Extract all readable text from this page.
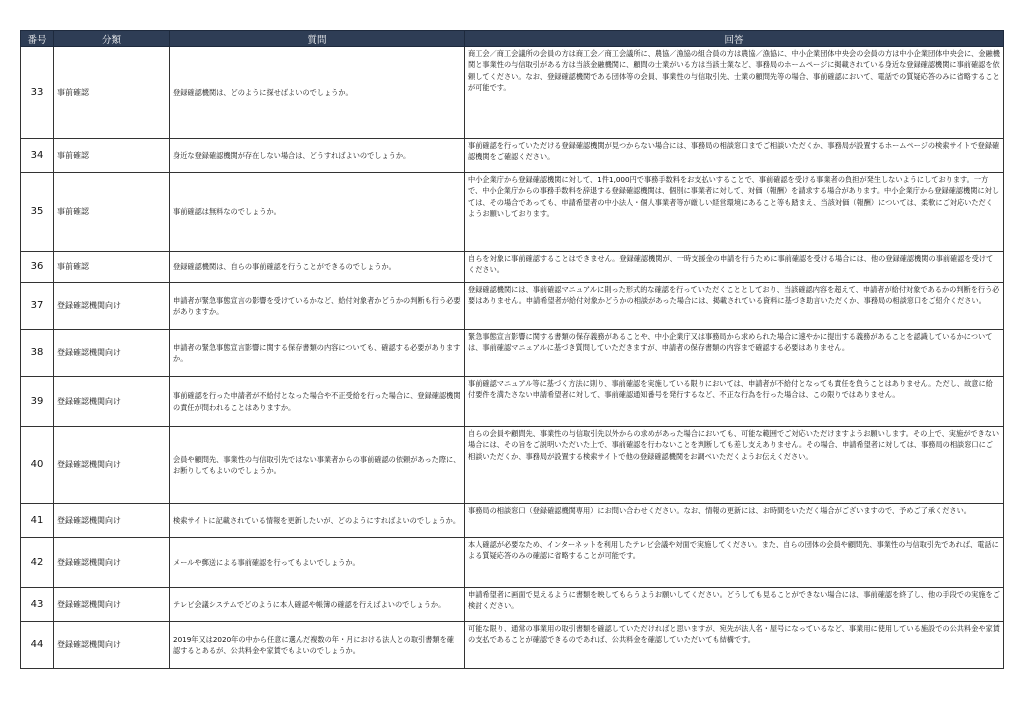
番号	分類	質問	回答
33	事前確認	登録確認機関は、どのように探せばよいのでしょうか。	商工会／商工会議所の会員の方は商工会／商工会議所に、農協／漁協の組合員の方は農協／漁協に、中小企業団体中央会の会員の方は中小企業団体中央会に、金融機関と事業性の与信取引がある方は当該金融機関に、顧問の士業がいる方は当該士業など、事務局のホームページに掲載されている身近な登録確認機関に事前確認を依頼してください。なお、登録確認機関である団体等の会員、事業性の与信取引先、士業の顧問先等の場合、事前確認において、電話での質疑応答のみに省略することが可能です。
34	事前確認	身近な登録確認機関が存在しない場合は、どうすればよいのでしょうか。	事前確認を行っていただける登録確認機関が見つからない場合には、事務局の相談窓口までご相談いただくか、事務局が設置するホームページの検索サイトで登録確認機関をご確認ください。
35	事前確認	事前確認は無料なのでしょうか。	中小企業庁から登録確認機関に対して、1件1,000円で事務手数料をお支払いすることで、事前確認を受ける事業者の負担が発生しないようにしております。一方で、中小企業庁からの事務手数料を辞退する登録確認機関は、個別に事業者に対して、対価（報酬）を請求する場合があります。中小企業庁から登録確認機関に対しては、その場合であっても、申請希望者の中小法人・個人事業者等が厳しい経営環境にあること等も踏まえ、当該対価（報酬）については、柔軟にご対応いただくようお願いしております。
36	事前確認	登録確認機関は、自らの事前確認を行うことができるのでしょうか。	自らを対象に事前確認することはできません。登録確認機関が、一時支援金の申請を行うために事前確認を受ける場合には、他の登録確認機関の事前確認を受けてください。
37	登録確認機関向け	申請者が緊急事態宣言の影響を受けているかなど、給付対象者かどうかの判断も行う必要がありますか。	登録確認機関には、事前確認マニュアルに則った形式的な確認を行っていただくこととしており、当該確認内容を超えて、申請者が給付対象であるかの判断を行う必要はありません。申請希望者が給付対象かどうかの相談があった場合には、掲載されている資料に基づき助言いただくか、事務局の相談窓口をご紹介ください。
38	登録確認機関向け	申請者の緊急事態宣言影響に関する保存書類の内容についても、確認する必要がありますか。	緊急事態宣言影響に関する書類の保存義務があることや、中小企業庁又は事務局から求められた場合に速やかに提出する義務があることを認識しているかについては、事前確認マニュアルに基づき質問していただきますが、申請者の保存書類の内容まで確認する必要はありません。
39	登録確認機関向け	事前確認を行った申請者が不給付となった場合や不正受給を行った場合に、登録確認機関の責任が問われることはありますか。	事前確認マニュアル等に基づく方法に則り、事前確認を実施している限りにおいては、申請者が不給付となっても責任を負うことはありません。ただし、故意に給付要件を満たさない申請希望者に対して、事前確認通知番号を発行するなど、不正な行為を行った場合は、この限りではありません。
40	登録確認機関向け	会員や顧問先、事業性の与信取引先ではない事業者からの事前確認の依頼があった際に、お断りしてもよいのでしょうか。	自らの会員や顧問先、事業性の与信取引先以外からの求めがあった場合においても、可能な範囲でご対応いただけますようお願いします。その上で、実施ができない場合には、その旨をご説明いただいた上で、事前確認を行わないことを判断しても差し支えありません。その場合、申請希望者に対しては、事務局の相談窓口にご相談いただくか、事務局が設置する検索サイトで他の登録確認機関をお調べいただくようお伝えください。
41	登録確認機関向け	検索サイトに記載されている情報を更新したいが、どのようにすればよいのでしょうか。	事務局の相談窓口（登録確認機関専用）にお問い合わせください。なお、情報の更新には、お時間をいただく場合がございますので、予めご了承ください。
42	登録確認機関向け	メールや郵送による事前確認を行ってもよいでしょうか。	本人確認が必要なため、インターネットを利用したテレビ会議や対面で実施してください。また、自らの団体の会員や顧問先、事業性の与信取引先であれば、電話による質疑応答のみの確認に省略することが可能です。
43	登録確認機関向け	テレビ会議システムでどのように本人確認や帳簿の確認を行えばよいのでしょうか。	申請希望者に画面で見えるように書類を映してもらうようお願いしてください。どうしても見ることができない場合には、事前確認を終了し、他の手段での実施をご検討ください。
44	登録確認機関向け	2019年又は2020年の中から任意に選んだ複数の年・月における法人との取引書類を確認するとあるが、公共料金や家賃でもよいのでしょうか。	可能な限り、通常の事業用の取引書類を確認していただければと思いますが、宛先が法人名・屋号になっているなど、事業用に使用している施設での公共料金や家賃の支払であることが確認できるのであれば、公共料金を確認していただいても結構です。
